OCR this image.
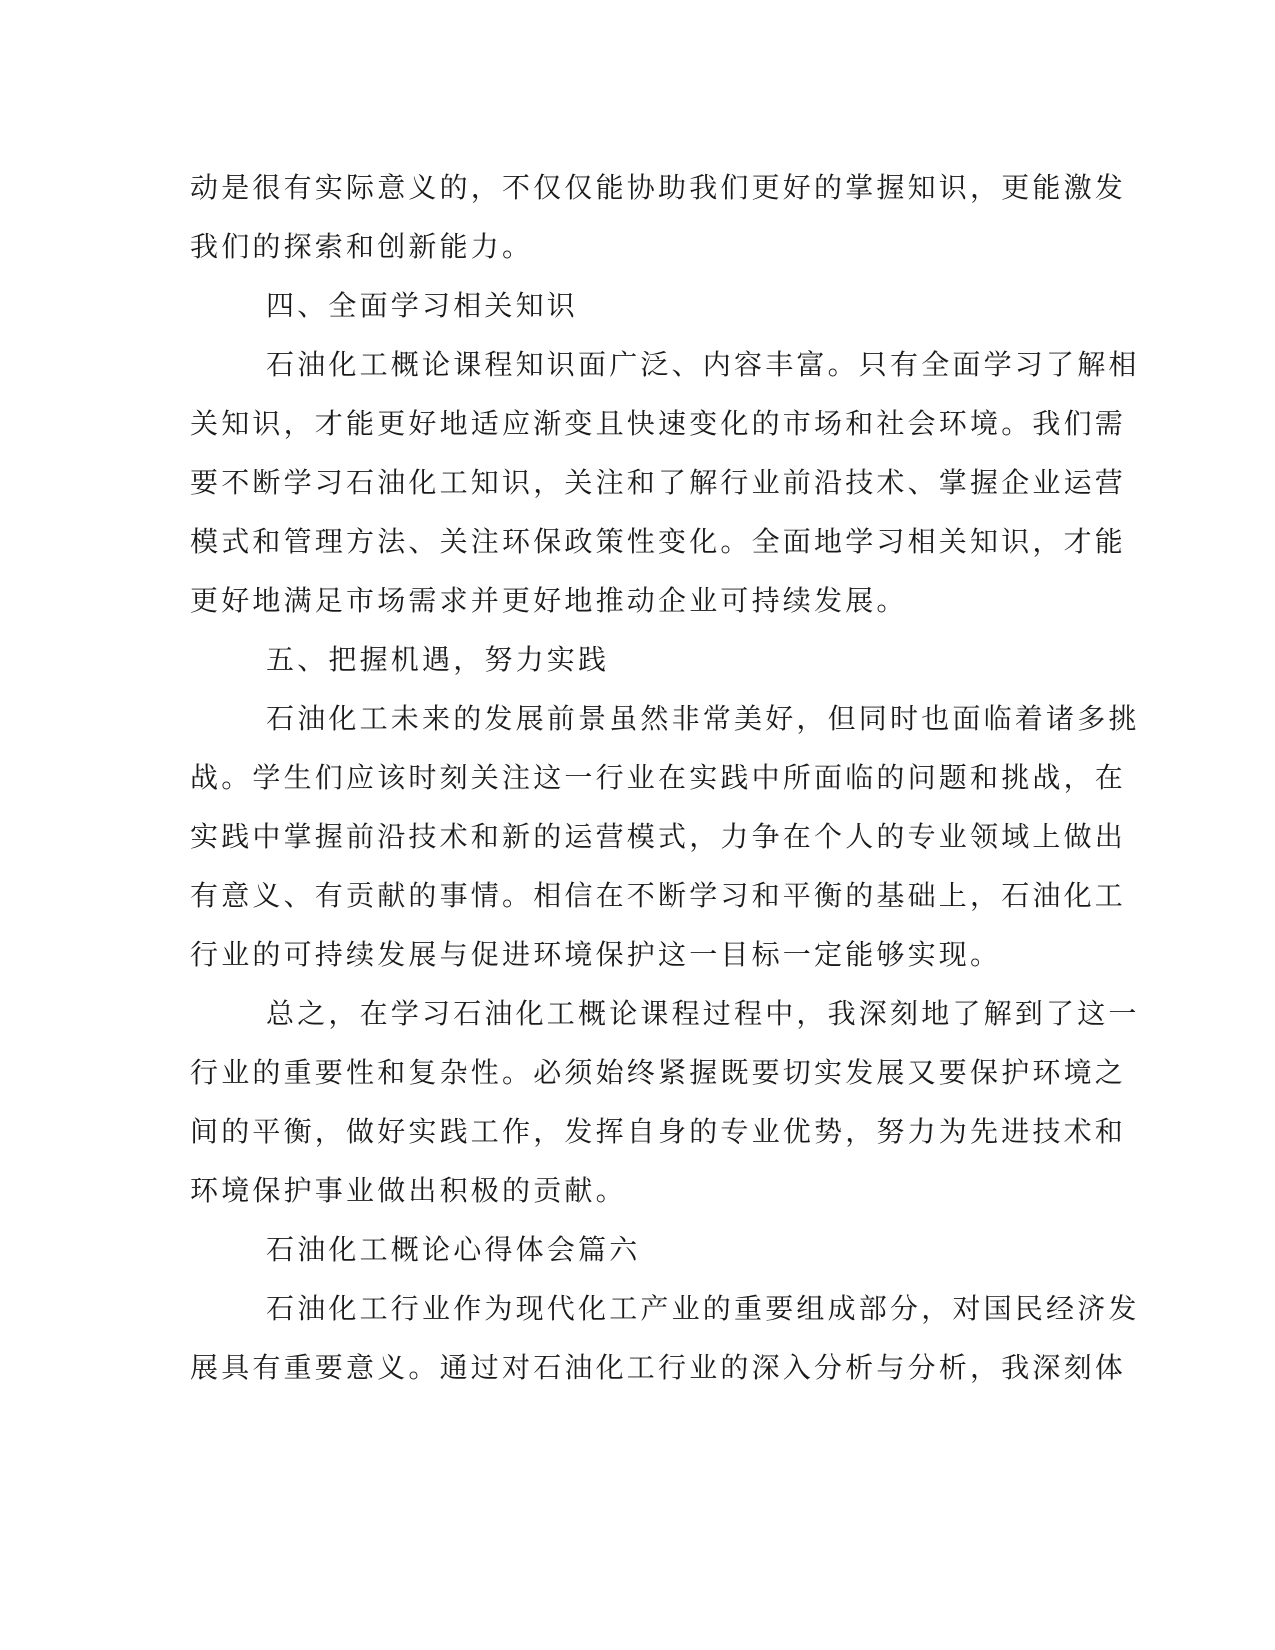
动是很有实际意义的，不仅仅能协助我们更好的掌握知识，更能激发
我们的探索和创新能力。
四、全面学习相关知识
石油化工概论课程知识面广泛、内容丰富。只有全面学习了解相
关知识，才能更好地适应渐变且快速变化的市场和社会环境。我们需
要不断学习石油化工知识，关注和了解行业前沿技术、掌握企业运营
模式和管理方法、关注环保政策性变化。全面地学习相关知识，才能
更好地满足市场需求并更好地推动企业可持续发展。
五、把握机遇，努力实践
石油化工未来的发展前景虽然非常美好，但同时也面临着诸多挑
战。学生们应该时刻关注这一行业在实践中所面临的问题和挑战，在
实践中掌握前沿技术和新的运营模式，力争在个人的专业领域上做出
有意义、有贡献的事情。相信在不断学习和平衡的基础上，石油化工
行业的可持续发展与促进环境保护这一目标一定能够实现。
总之，在学习石油化工概论课程过程中，我深刻地了解到了这一
行业的重要性和复杂性。必须始终紧握既要切实发展又要保护环境之
间的平衡，做好实践工作，发挥自身的专业优势，努力为先进技术和
环境保护事业做出积极的贡献。
石油化工概论心得体会篇六
石油化工行业作为现代化工产业的重要组成部分，对国民经济发
展具有重要意义。通过对石油化工行业的深入分析与分析，我深刻体
